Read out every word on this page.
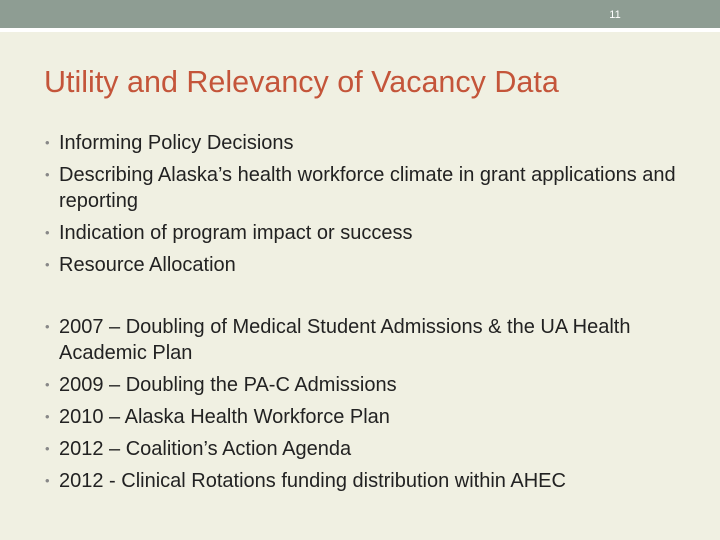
11
Utility and Relevancy of Vacancy Data
• Informing Policy Decisions
• Describing Alaska’s health workforce climate in grant applications and reporting
• Indication of program impact or success
• Resource Allocation
• 2007 – Doubling of Medical Student Admissions & the UA Health Academic Plan
• 2009 – Doubling the PA-C Admissions
• 2010 – Alaska Health Workforce Plan
• 2012 – Coalition’s Action Agenda
• 2012 - Clinical Rotations funding distribution within AHEC
